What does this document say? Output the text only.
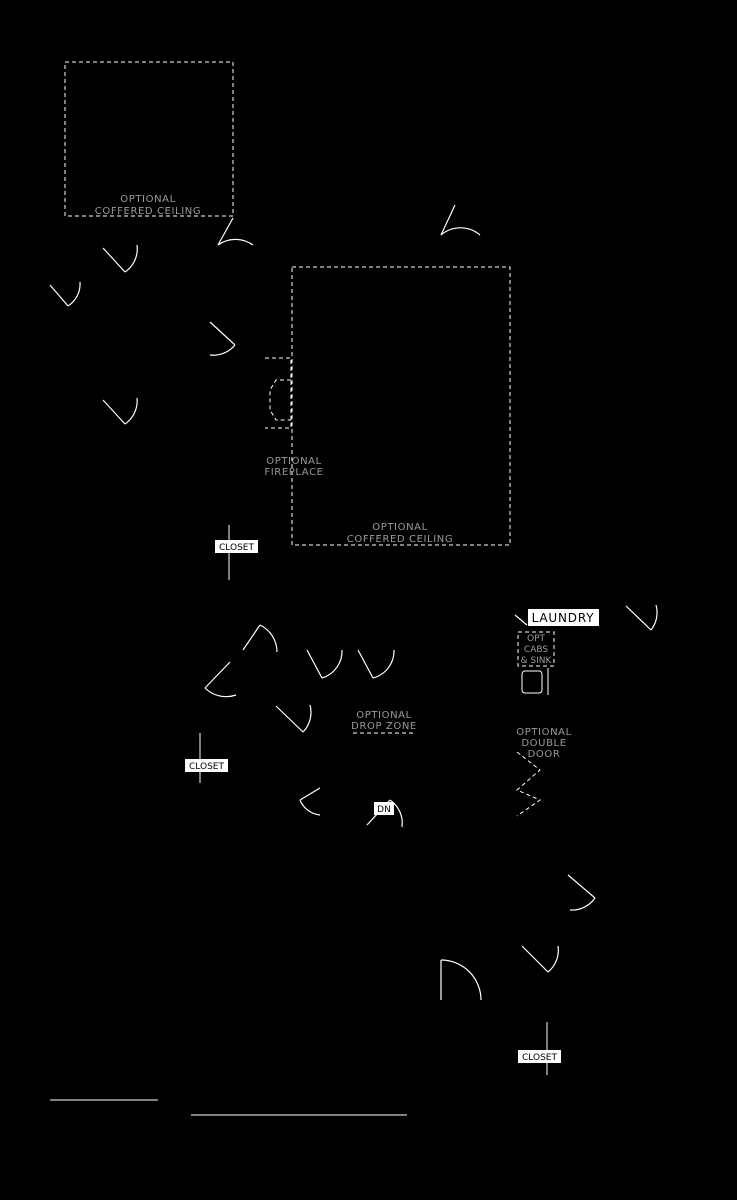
OPTIONAL
COFFERED CEILING
OPTIONAL
COFFERED CEILING
OPTIONAL
FIREPLACE
OPTIONAL
DOUBLE
DOOR
LAUNDRY
OPT
CABS
& SINK
OPTIONAL
DROP ZONE
CLOSET
CLOSET
CLOSET
DN
